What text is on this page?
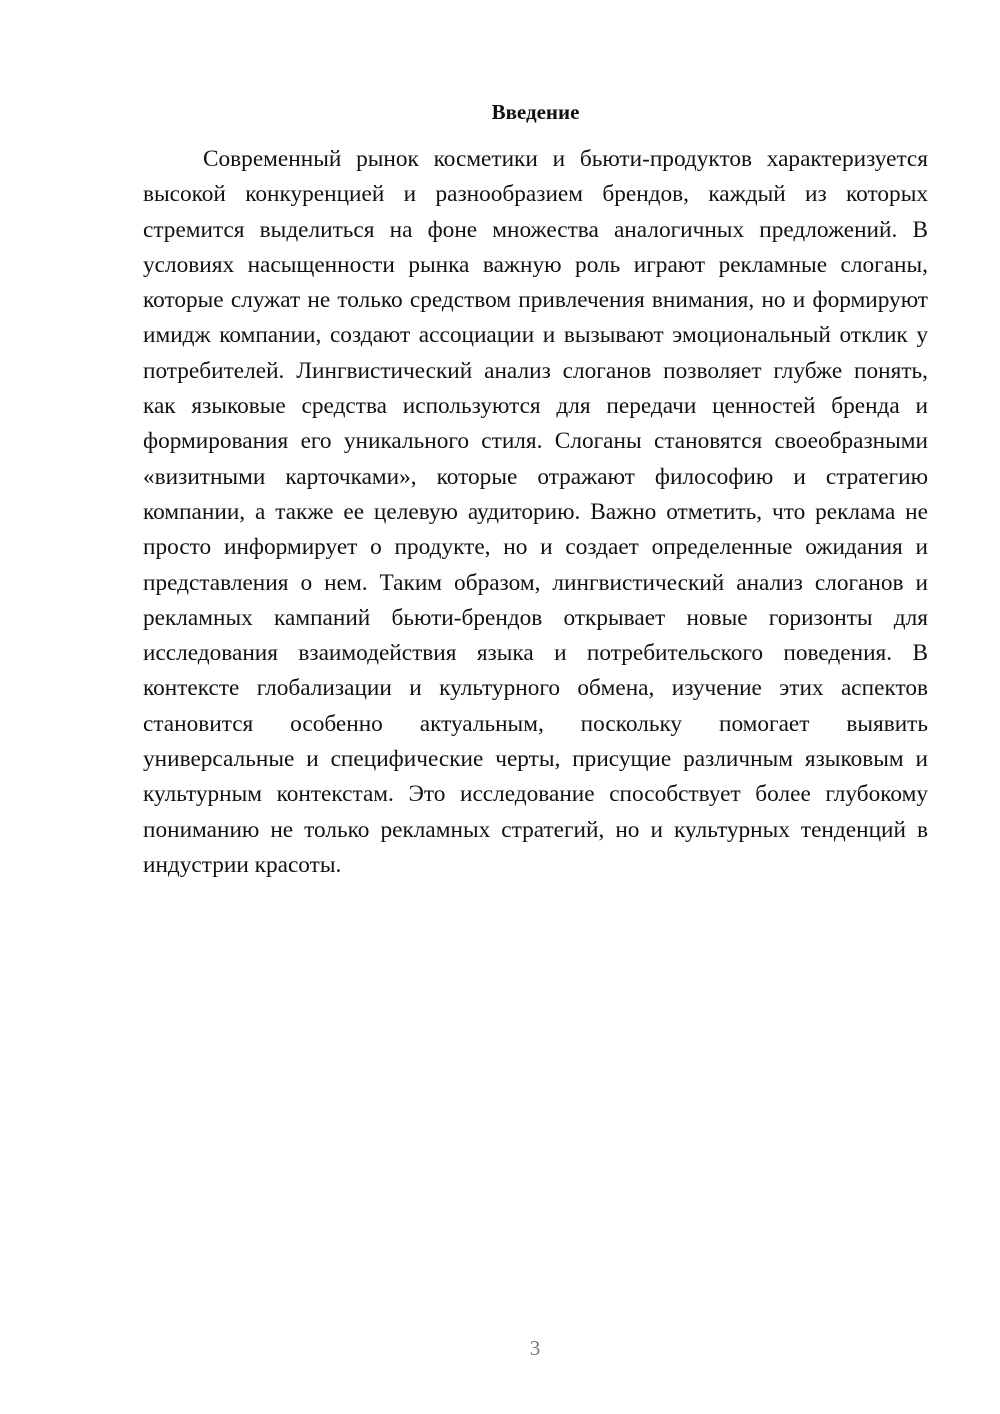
Введение

Современный рынок косметики и бьюти-продуктов характеризуется высокой конкуренцией и разнообразием брендов, каждый из которых стремится выделиться на фоне множества аналогичных предложений. В условиях насыщенности рынка важную роль играют рекламные слоганы, которые служат не только средством привлечения внимания, но и формируют имидж компании, создают ассоциации и вызывают эмоциональный отклик у потребителей. Лингвистический анализ слоганов позволяет глубже понять, как языковые средства используются для передачи ценностей бренда и формирования его уникального стиля. Слоганы становятся своеобразными «визитными карточками», которые отражают философию и стратегию компании, а также ее целевую аудиторию. Важно отметить, что реклама не просто информирует о продукте, но и создает определенные ожидания и представления о нем. Таким образом, лингвистический анализ слоганов и рекламных кампаний бьюти-брендов открывает новые горизонты для исследования взаимодействия языка и потребительского поведения. В контексте глобализации и культурного обмена, изучение этих аспектов становится особенно актуальным, поскольку помогает выявить универсальные и специфические черты, присущие различным языковым и культурным контекстам. Это исследование способствует более глубокому пониманию не только рекламных стратегий, но и культурных тенденций в индустрии красоты.

3
